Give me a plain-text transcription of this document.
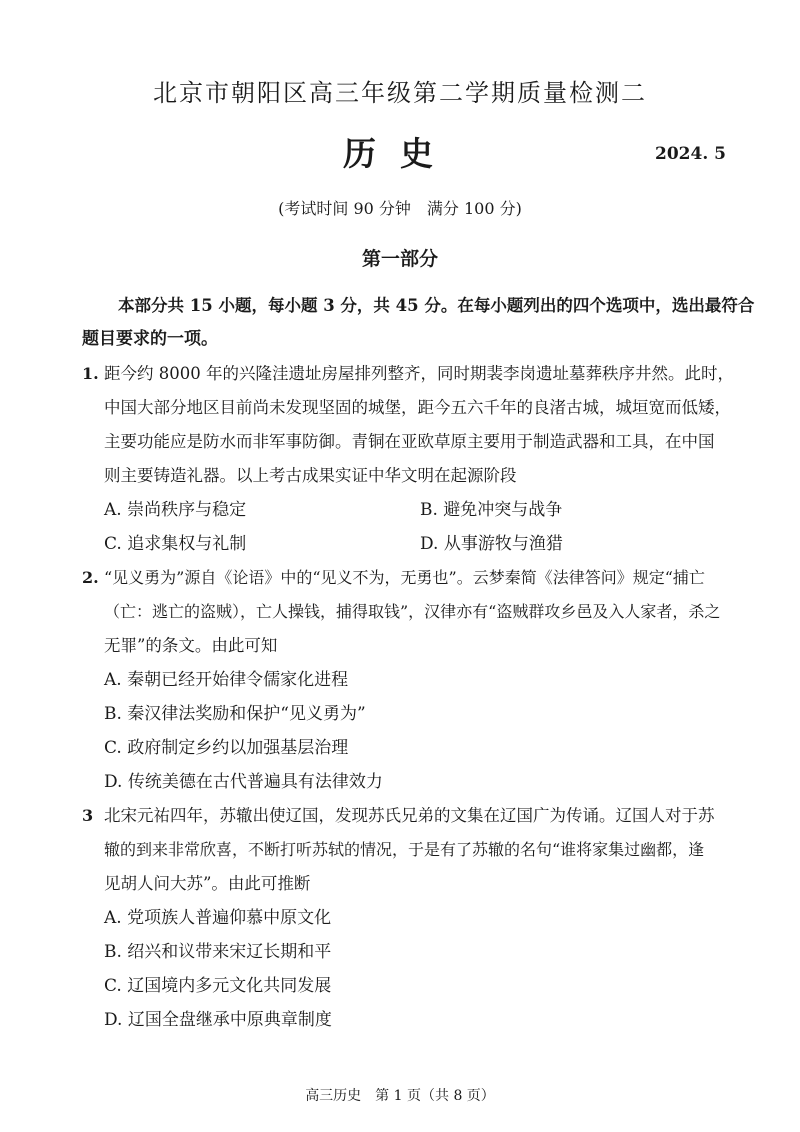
北京市朝阳区高三年级第二学期质量检测二
历史	2024. 5
(考试时间 90 分钟　满分 100 分)
第一部分
本部分共 15 小题，每小题 3 分，共 45 分。在每小题列出的四个选项中，选出最符合
题目要求的一项。
1. 距今约 8000 年的兴隆洼遗址房屋排列整齐，同时期裴李岗遗址墓葬秩序井然。此时，
中国大部分地区目前尚未发现坚固的城堡，距今五六千年的良渚古城，城垣宽而低矮，
主要功能应是防水而非军事防御。青铜在亚欧草原主要用于制造武器和工具，在中国
则主要铸造礼器。以上考古成果实证中华文明在起源阶段
A. 崇尚秩序与稳定	B. 避免冲突与战争
C. 追求集权与礼制	D. 从事游牧与渔猎
2. “见义勇为”源自《论语》中的“见义不为，无勇也”。云梦秦简《法律答问》规定“捕亡
（亡：逃亡的盗贼），亡人操钱，捕得取钱”，汉律亦有“盗贼群攻乡邑及入人家者，杀之
无罪”的条文。由此可知
A. 秦朝已经开始律令儒家化进程
B. 秦汉律法奖励和保护“见义勇为”
C. 政府制定乡约以加强基层治理
D. 传统美德在古代普遍具有法律效力
3 北宋元祐四年，苏辙出使辽国，发现苏氏兄弟的文集在辽国广为传诵。辽国人对于苏
辙的到来非常欣喜，不断打听苏轼的情况，于是有了苏辙的名句“谁将家集过幽都，逢
见胡人问大苏”。由此可推断
A. 党项族人普遍仰慕中原文化
B. 绍兴和议带来宋辽长期和平
C. 辽国境内多元文化共同发展
D. 辽国全盘继承中原典章制度
高三历史　第 1 页（共 8 页）
